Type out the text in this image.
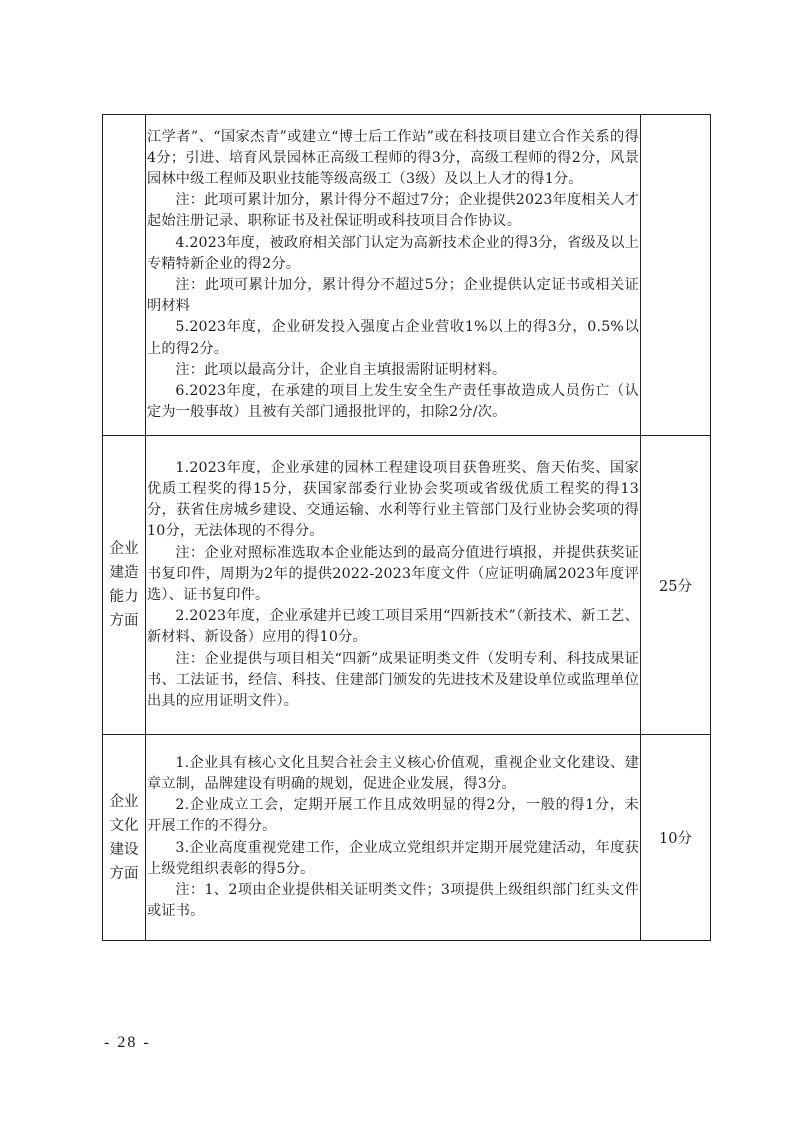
江学者”、“国家杰青”或建立“博士后工作站”或在科技项目建立合作关系的得4分；引进、培育风景园林正高级工程师的得3分，高级工程师的得2分，风景园林中级工程师及职业技能等级高级工（3级）及以上人才的得1分。

注：此项可累计加分，累计得分不超过7分；企业提供2023年度相关人才起始注册记录、职称证书及社保证明或科技项目合作协议。

4.2023年度，被政府相关部门认定为高新技术企业的得3分，省级及以上专精特新企业的得2分。

注：此项可累计加分，累计得分不超过5分；企业提供认定证书或相关证明材料

5.2023年度，企业研发投入强度占企业营收1%以上的得3分，0.5%以上的得2分。

注：此项以最高分计，企业自主填报需附证明材料。

6.2023年度，在承建的项目上发生安全生产责任事故造成人员伤亡（认定为一般事故）且被有关部门通报批评的，扣除2分/次。

企业建造能力方面	1.2023年度，企业承建的园林工程建设项目获鲁班奖、詹天佑奖、国家优质工程奖的得15分，获国家部委行业协会奖项或省级优质工程奖的得13分，获省住房城乡建设、交通运输、水利等行业主管部门及行业协会奖项的得10分，无法体现的不得分。

注：企业对照标准选取本企业能达到的最高分值进行填报，并提供获奖证书复印件，周期为2年的提供2022-2023年度文件（应证明确属2023年度评选）、证书复印件。

2.2023年度，企业承建并已竣工项目采用“四新技术”（新技术、新工艺、新材料、新设备）应用的得10分。

注：企业提供与项目相关“四新”成果证明类文件（发明专利、科技成果证书、工法证书，经信、科技、住建部门颁发的先进技术及建设单位或监理单位出具的应用证明文件）。	25分
企业文化建设方面	1.企业具有核心文化且契合社会主义核心价值观，重视企业文化建设、建章立制，品牌建设有明确的规划，促进企业发展，得3分。

2.企业成立工会，定期开展工作且成效明显的得2分，一般的得1分，未开展工作的不得分。

3.企业高度重视党建工作，企业成立党组织并定期开展党建活动，年度获上级党组织表彰的得5分。

注：1、2项由企业提供相关证明类文件；3项提供上级组织部门红头文件或证书。	10分
- 28 -
